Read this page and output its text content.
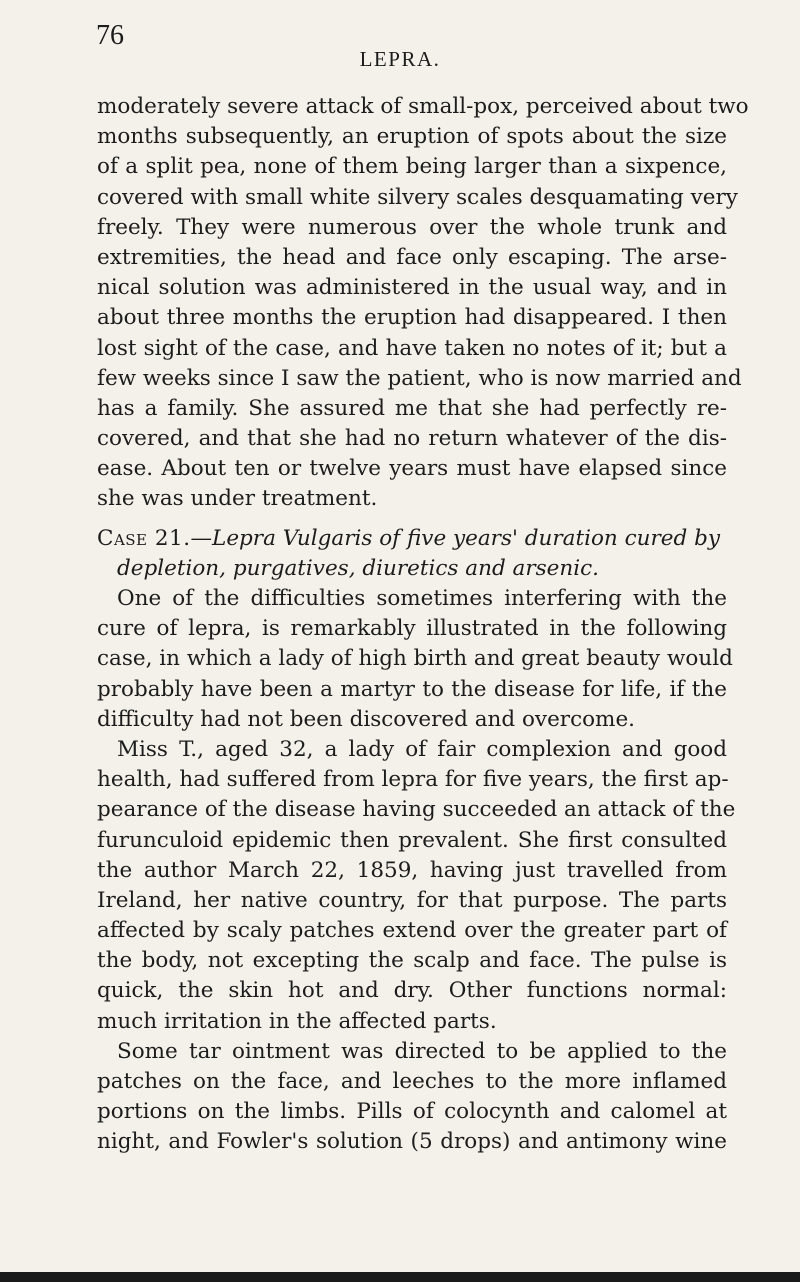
76
LEPRA.
moderately severe attack of small-pox, perceived about two
months subsequently, an eruption of spots about the size
of a split pea, none of them being larger than a sixpence,
covered with small white silvery scales desquamating very
freely. They were numerous over the whole trunk and
extremities, the head and face only escaping. The arse-
nical solution was administered in the usual way, and in
about three months the eruption had disappeared. I then
lost sight of the case, and have taken no notes of it; but a
few weeks since I saw the patient, who is now married and
has a family. She assured me that she had perfectly re-
covered, and that she had no return whatever of the dis-
ease. About ten or twelve years must have elapsed since
she was under treatment.
Case 21.—Lepra Vulgaris of five years' duration cured by
depletion, purgatives, diuretics and arsenic.
One of the difficulties sometimes interfering with the
cure of lepra, is remarkably illustrated in the following
case, in which a lady of high birth and great beauty would
probably have been a martyr to the disease for life, if the
difficulty had not been discovered and overcome.
Miss T., aged 32, a lady of fair complexion and good
health, had suffered from lepra for five years, the first ap-
pearance of the disease having succeeded an attack of the
furunculoid epidemic then prevalent. She first consulted
the author March 22, 1859, having just travelled from
Ireland, her native country, for that purpose. The parts
affected by scaly patches extend over the greater part of
the body, not excepting the scalp and face. The pulse is
quick, the skin hot and dry. Other functions normal:
much irritation in the affected parts.
Some tar ointment was directed to be applied to the
patches on the face, and leeches to the more inflamed
portions on the limbs. Pills of colocynth and calomel at
night, and Fowler's solution (5 drops) and antimony wine
